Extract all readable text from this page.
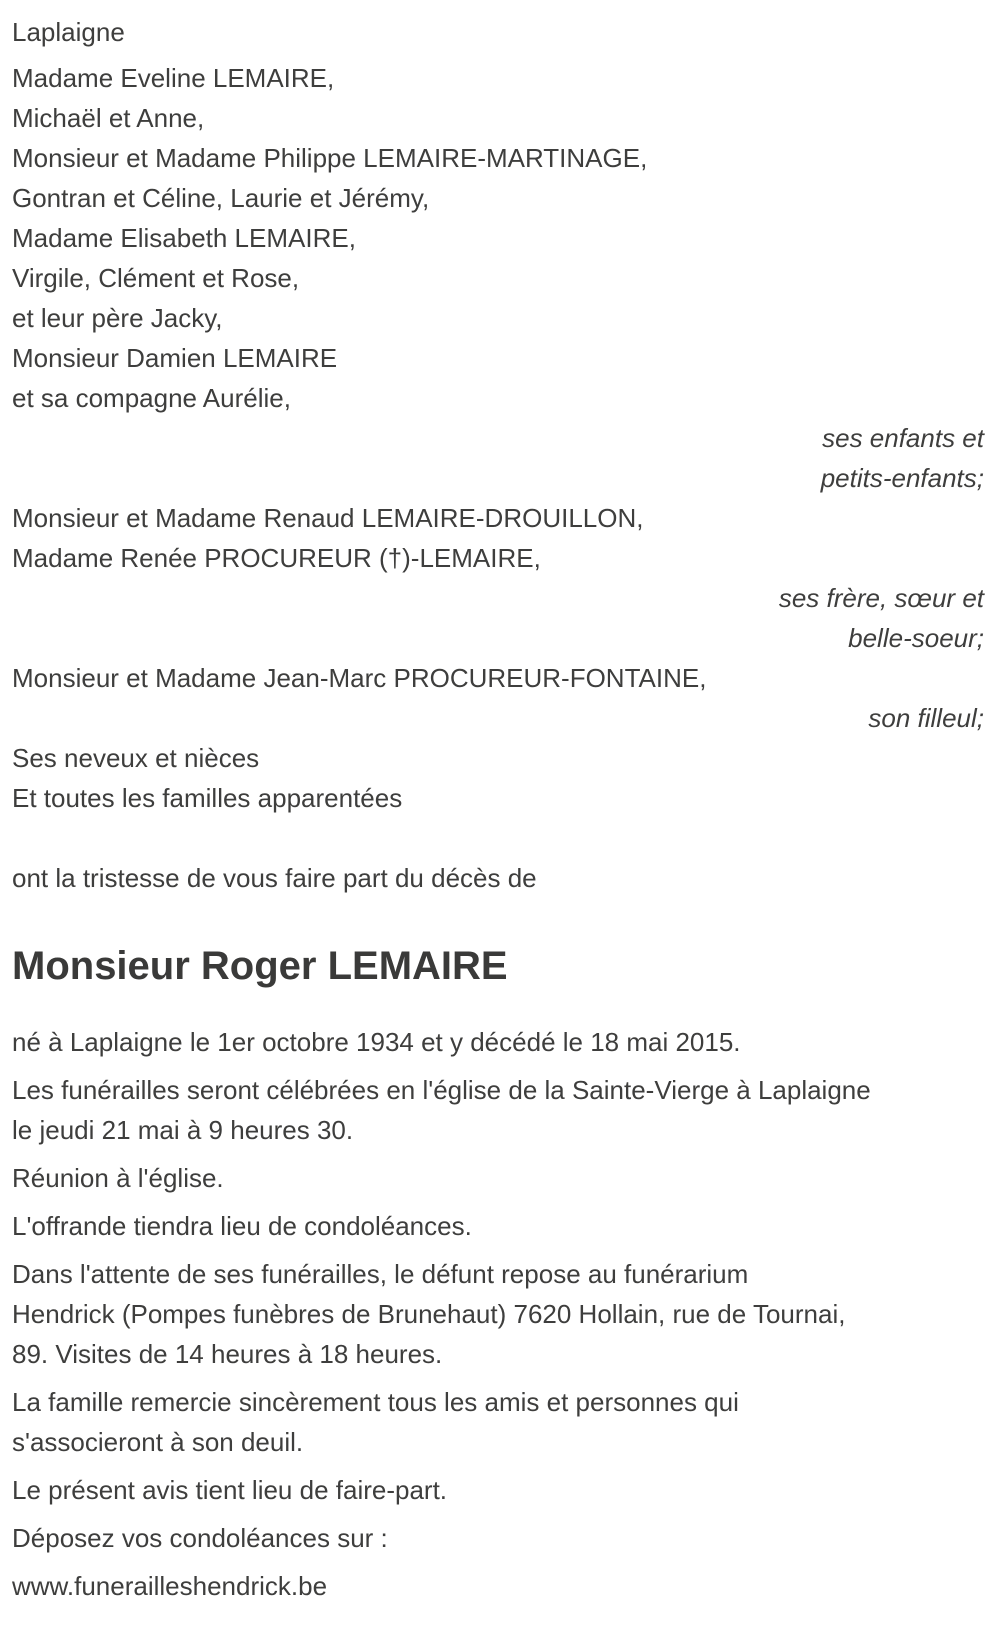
Laplaigne

Madame Eveline LEMAIRE,

Michaël et Anne,

Monsieur et Madame Philippe LEMAIRE-MARTINAGE,

Gontran et Céline, Laurie et Jérémy,

Madame Elisabeth LEMAIRE,

Virgile, Clément et Rose,

et leur père Jacky,

Monsieur Damien LEMAIRE

et sa compagne Aurélie,

ses enfants et

petits-enfants;

Monsieur et Madame Renaud LEMAIRE-DROUILLON,

Madame Renée PROCUREUR (†)-LEMAIRE,

ses frère, sœur et

belle-soeur;

Monsieur et Madame Jean-Marc PROCUREUR-FONTAINE,

son filleul;

Ses neveux et nièces

Et toutes les familles apparentées

ont la tristesse de vous faire part du décès de

Monsieur Roger LEMAIRE

né à Laplaigne le 1er octobre 1934 et y décédé le 18 mai 2015.

Les funérailles seront célébrées en l'église de la Sainte-Vierge à Laplaigne

le jeudi 21 mai à 9 heures 30.

Réunion à l'église.

L'offrande tiendra lieu de condoléances.

Dans l'attente de ses funérailles, le défunt repose au funérarium

Hendrick (Pompes funèbres de Brunehaut) 7620 Hollain, rue de Tournai,

89. Visites de 14 heures à 18 heures.

La famille remercie sincèrement tous les amis et personnes qui

s'associeront à son deuil.

Le présent avis tient lieu de faire-part.

Déposez vos condoléances sur :

www.funerailleshendrick.be
